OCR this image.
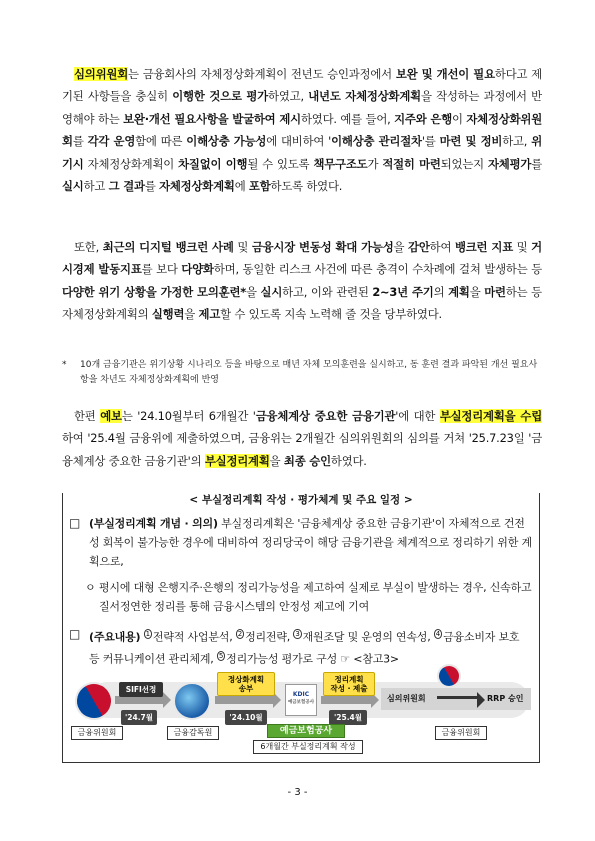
심의위원회는 금융회사의 자체정상화계획이 전년도 승인과정에서 보완 및 개선이 필요하다고 제기된 사항들을 충실히 이행한 것으로 평가하였고, 내년도 자체정상화계획을 작성하는 과정에서 반영해야 하는 보완·개선 필요사항을 발굴하여 제시하였다. 예를 들어, 지주와 은행이 자체정상화위원회를 각각 운영함에 따른 이해상충 가능성에 대비하여 '이해상충 관리절차'를 마련 및 정비하고, 위기시 자체정상화계획이 차질없이 이행될 수 있도록 책무구조도가 적절히 마련되었는지 자체평가를 실시하고 그 결과를 자체정상화계획에 포함하도록 하였다.
또한, 최근의 디지털 뱅크런 사례 및 금융시장 변동성 확대 가능성을 감안하여 뱅크런 지표 및 거시경제 발동지표를 보다 다양화하며, 동일한 리스크 사건에 따른 충격이 수차례에 걸쳐 발생하는 등 다양한 위기 상황을 가정한 모의훈련*을 실시하고, 이와 관련된 2~3년 주기의 계획을 마련하는 등 자체정상화계획의 실행력을 제고할 수 있도록 지속 노력해 줄 것을 당부하였다.
*	10개 금융기관은 위기상황 시나리오 등을 바탕으로 매년 자체 모의훈련을 실시하고, 동 훈련 결과 파악된 개선 필요사항을 차년도 자체정상화계획에 반영
한편 예보는 '24.10월부터 6개월간 '금융체계상 중요한 금융기관'에 대한 부실정리계획을 수립하여 '25.4월 금융위에 제출하였으며, 금융위는 2개월간 심의위원회의 심의를 거쳐 '25.7.23일 '금융체계상 중요한 금융기관'의 부실정리계획을 최종 승인하였다.
< 부실정리계획 작성 · 평가체계 및 주요 일정 >
□ (부실정리계획 개념 · 의의) 부실정리계획은 '금융체계상 중요한 금융기관'이 자체적으로 건전성 회복이 불가능한 경우에 대비하여 정리당국이 해당 금융기관을 체계적으로 정리하기 위한 계획으로,
ㅇ 평시에 대형 은행지주·은행의 정리가능성을 제고하여 실제로 부실이 발생하는 경우, 신속하고 질서정연한 정리를 통해 금융시스템의 안정성 제고에 기여
□ (주요내용) $^1$ 전략적 사업분석, $^2$ 정리전략, $^3$ 재원조달 및 운영의 연속성, $^4$ 금융소비자 보호 등 커뮤니케이션 관리체계, $^5$ 정리가능성 평가로 구성 ☞ <참고3>
SIFI선정
'24.7월
정상화계획
송부
'24.10월
KDIC
예금보험공사
정리계획
작성 · 제출
'25.4월
심의위원회	RRP 승인
금융위원회	금융감독원	예금보험공사
6개월간 부실정리계획 작성
금융위원회
- 3 -
